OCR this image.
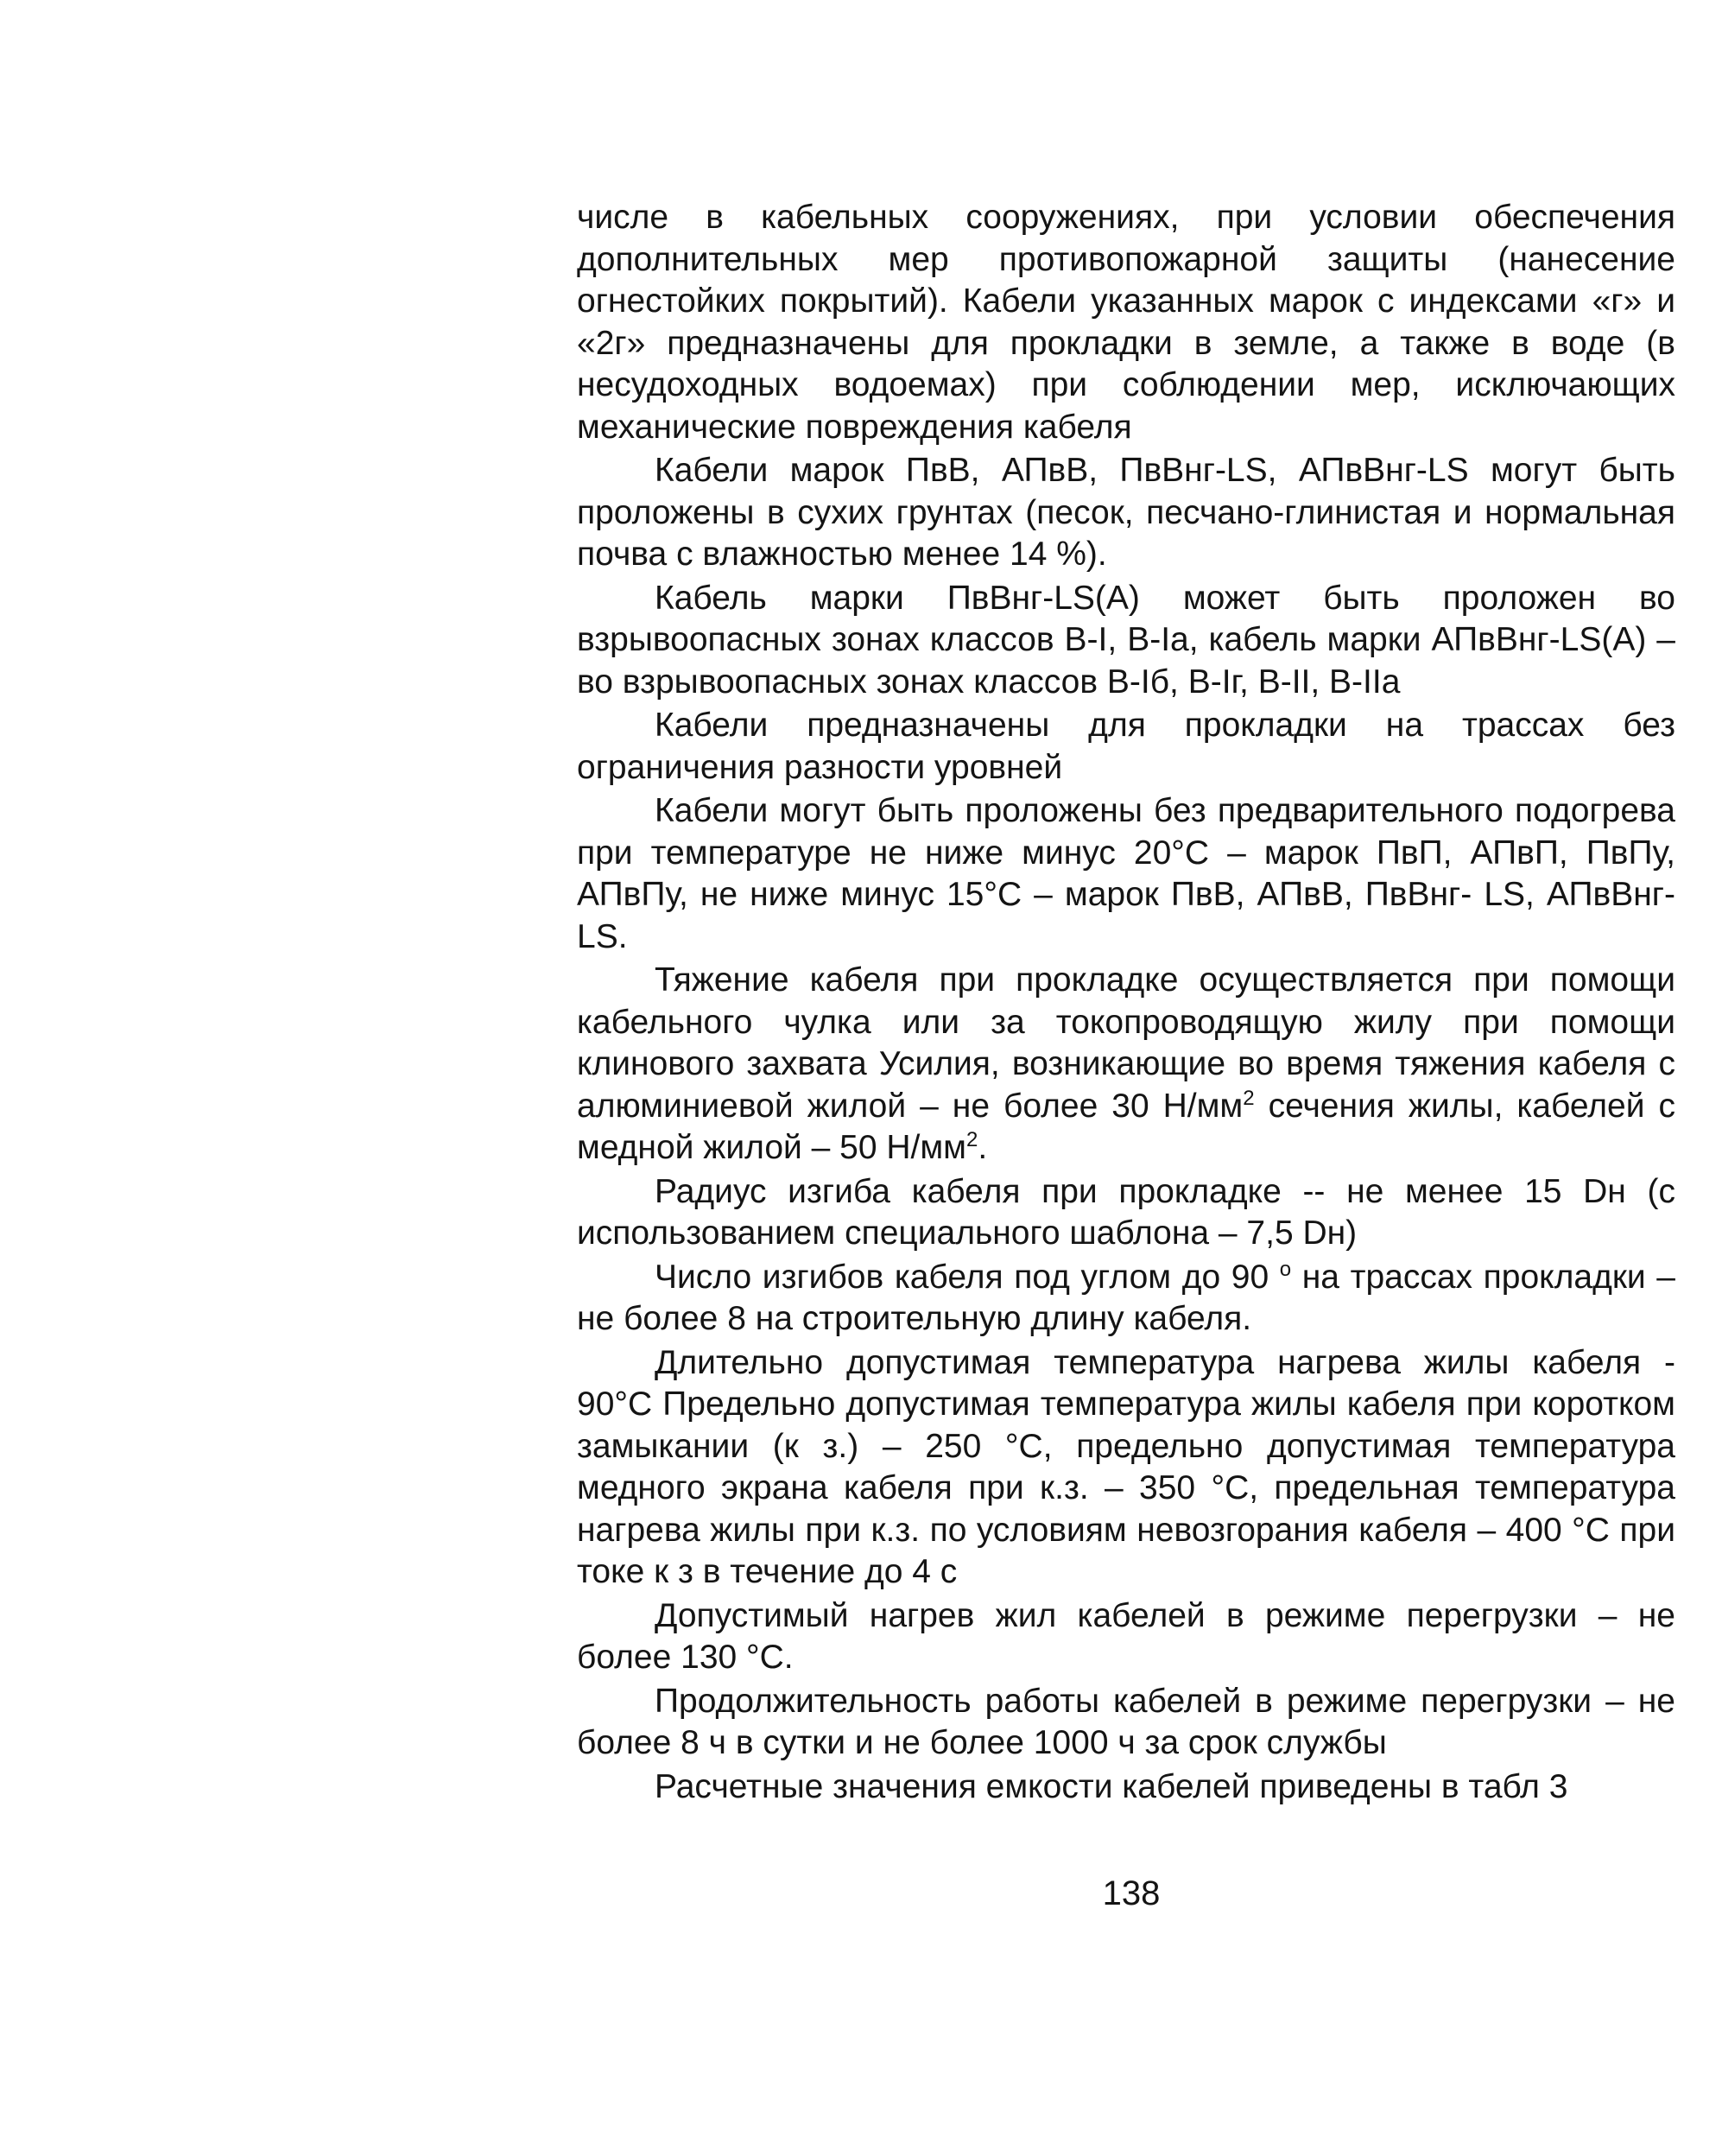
числе в кабельных сооружениях, при условии обеспечения дополнительных мер противопожарной защиты (нанесение огнестойких покрытий). Кабели указанных марок с индексами «г» и «2г» предназначены для прокладки в земле, а также в воде (в несудоходных водоемах) при соблюдении мер, исключающих механические повреждения кабеля

Кабели марок ПвВ, АПвВ, ПвВнг-LS, АПвВнг-LS могут быть проложены в сухих грунтах (песок, песчано-глинистая и нормальная почва с влажностью менее 14 %).

Кабель марки ПвВнг-LS(А) может быть проложен во взрывоопасных зонах классов В-I, В-Iа, кабель марки АПвВнг-LS(А) – во взрывоопасных зонах классов В-Iб, В-Iг, В-II, В-IIа

Кабели предназначены для прокладки на трассах без ограничения разности уровней

Кабели могут быть проложены без предварительного подогрева при температуре не ниже минус 20°С – марок ПвП, АПвП, ПвПу, АПвПу, не ниже минус 15°С – марок ПвВ, АПвВ, ПвВнг- LS, АПвВнг-LS.

Тяжение кабеля при прокладке осуществляется при помощи кабельного чулка или за токопроводящую жилу при помощи клинового захвата Усилия, возникающие во время тяжения кабеля с алюминиевой жилой – не более 30 $Н/мм^2$ сечения жилы, кабелей с медной жилой – 50 $Н/мм^2$.

Радиус изгиба кабеля при прокладке -- не менее 15 Dн (с использованием специального шаблона – 7,5 Dн)

Число изгибов кабеля под углом до 90 $^о$ на трассах прокладки – не более 8 на строительную длину кабеля.

Длительно допустимая температура нагрева жилы кабеля - 90°С Предельно допустимая температура жилы кабеля при коротком замыкании (к з.) – 250 °С, предельно допустимая температура медного экрана кабеля при к.з. – 350 °С, предельная температура нагрева жилы при к.з. по условиям невозгорания кабеля – 400 °С при токе к з в течение до 4 с

Допустимый нагрев жил кабелей в режиме перегрузки – не более 130 °С.

Продолжительность работы кабелей в режиме перегрузки – не более 8 ч в сутки и не более 1000 ч за срок службы

Расчетные значения емкости кабелей приведены в табл 3

138
